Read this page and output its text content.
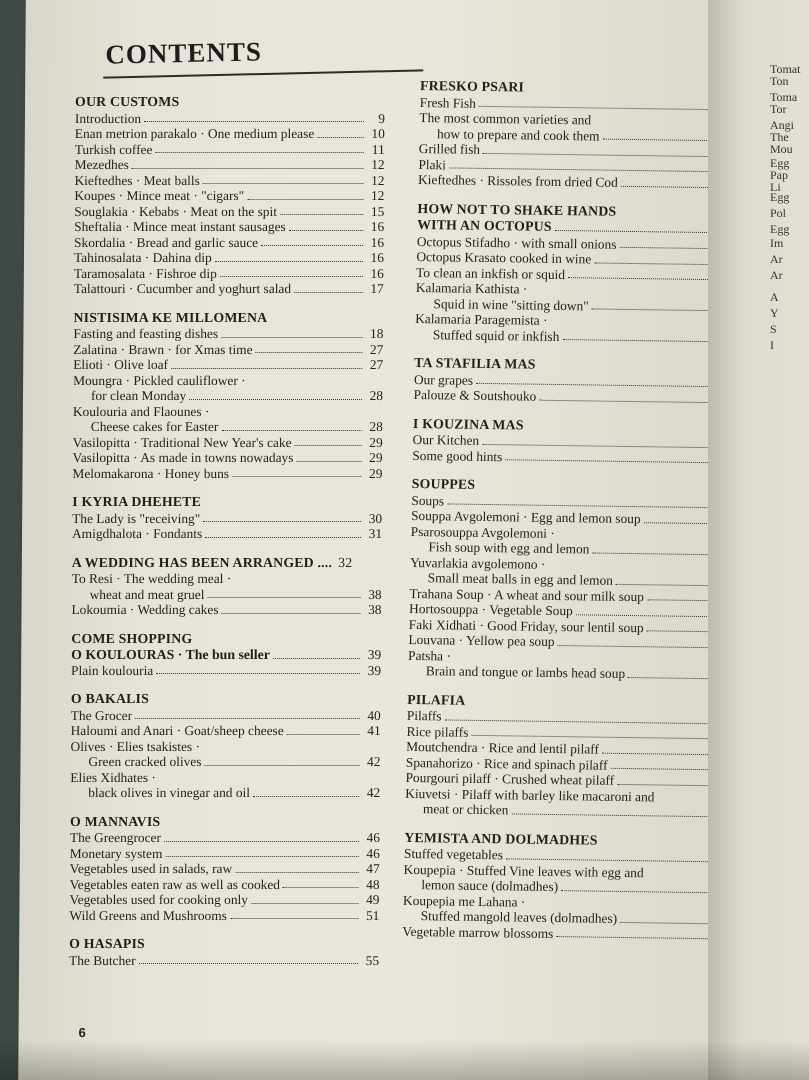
CONTENTS
OUR CUSTOMS
Introduction	9
Enan metrion parakalo · One medium please	10
Turkish coffee	11
Mezedhes	12
Kieftedhes · Meat balls	12
Koupes · Mince meat · "cigars"	12
Souglakia · Kebabs · Meat on the spit	15
Sheftalia · Mince meat instant sausages	16
Skordalia · Bread and garlic sauce	16
Tahinosalata · Dahina dip	16
Taramosalata · Fishroe dip	16
Talattouri · Cucumber and yoghurt salad	17
NISTISIMA KE MILLOMENA
Fasting and feasting dishes	18
Zalatina · Brawn · for Xmas time	27
Elioti · Olive loaf	27
Moungra · Pickled cauliflower ·
for clean Monday	28
Koulouria and Flaounes ·
Cheese cakes for Easter	28
Vasilopitta · Traditional New Year's cake	29
Vasilopitta · As made in towns nowadays	29
Melomakarona · Honey buns	29
I KYRIA DHEHETE
The Lady is "receiving"	30
Amigdhalota · Fondants	31
A WEDDING HAS BEEN ARRANGED .... 32
To Resi · The wedding meal ·
wheat and meat gruel	38
Lokoumia · Wedding cakes	38
COME SHOPPING
O KOULOURAS · The bun seller	39
Plain koulouria	39
O BAKALIS
The Grocer	40
Haloumi and Anari · Goat/sheep cheese	41
Olives · Elies tsakistes ·
Green cracked olives	42
Elies Xidhates ·
black olives in vinegar and oil	42
O MANNAVIS
The Greengrocer	46
Monetary system	46
Vegetables used in salads, raw	47
Vegetables eaten raw as well as cooked	48
Vegetables used for cooking only	49
Wild Greens and Mushrooms	51
O HASAPIS
The Butcher	55
FRESKO PSARI
Fresh Fish
The most common varieties and
how to prepare and cook them
Grilled fish
Plaki
Kieftedhes · Rissoles from dried Cod
HOW NOT TO SHAKE HANDS
WITH AN OCTOPUS
Octopus Stifadho · with small onions
Octopus Krasato cooked in wine
To clean an inkfish or squid
Kalamaria Kathista ·
Squid in wine "sitting down"
Kalamaria Paragemista ·
Stuffed squid or inkfish
TA STAFILIA MAS
Our grapes
Palouze & Soutshouko
I KOUZINA MAS
Our Kitchen
Some good hints
SOUPPES
Soups
Souppa Avgolemoni · Egg and lemon soup
Psarosouppa Avgolemoni ·
Fish soup with egg and lemon
Yuvarlakia avgolemono ·
Small meat balls in egg and lemon
Trahana Soup · A wheat and sour milk soup
Hortosouppa · Vegetable Soup
Faki Xidhati · Good Friday, sour lentil soup
Louvana · Yellow pea soup
Patsha ·
Brain and tongue or lambs head soup
PILAFIA
Pilaffs
Rice pilaffs
Moutchendra · Rice and lentil pilaff
Spanahorizo · Rice and spinach pilaff
Pourgouri pilaff · Crushed wheat pilaff
Kiuvetsi · Pilaff with barley like macaroni and
meat or chicken
YEMISTA AND DOLMADHES
Stuffed vegetables
Koupepia · Stuffed Vine leaves with egg and
lemon sauce (dolmadhes)
Koupepia me Lahana ·
Stuffed mangold leaves (dolmadhes)
Vegetable marrow blossoms
6
Tomat
Ton
Toma
Tor
Angi
The
Mou
Egg
Pap
Li
Egg
Pol
Egg
Im
Ar
Ar
A
Y
S
I
